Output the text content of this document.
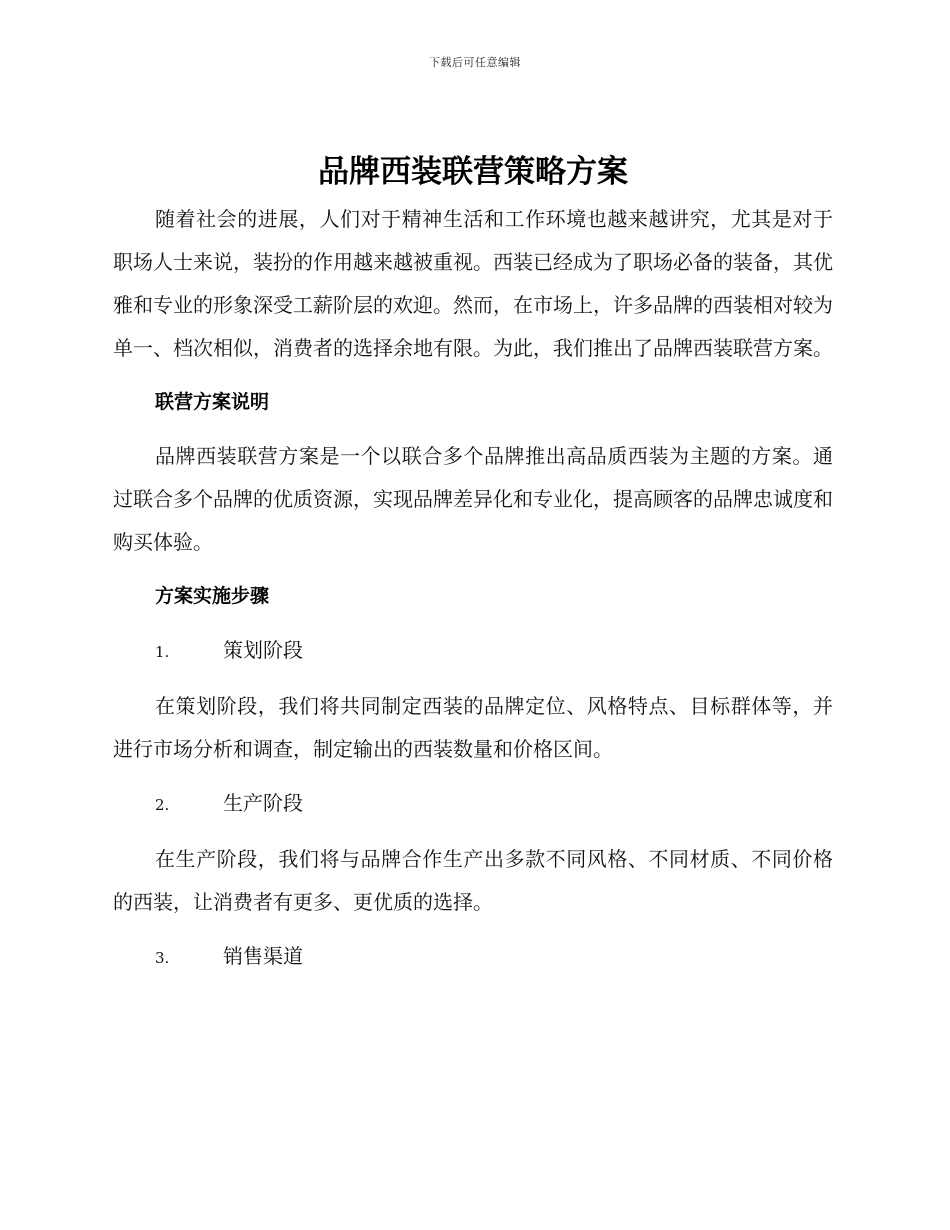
下载后可任意编辑
品牌西装联营策略方案

随着社会的进展，人们对于精神生活和工作环境也越来越讲究，尤其是对于职场人士来说，装扮的作用越来越被重视。西装已经成为了职场必备的装备，其优雅和专业的形象深受工薪阶层的欢迎。然而，在市场上，许多品牌的西装相对较为单一、档次相似，消费者的选择余地有限。为此，我们推出了品牌西装联营方案。

联营方案说明

品牌西装联营方案是一个以联合多个品牌推出高品质西装为主题的方案。通过联合多个品牌的优质资源，实现品牌差异化和专业化，提高顾客的品牌忠诚度和购买体验。

方案实施步骤
1.	策划阶段

在策划阶段，我们将共同制定西装的品牌定位、风格特点、目标群体等，并进行市场分析和调查，制定输出的西装数量和价格区间。

2.	生产阶段

在生产阶段，我们将与品牌合作生产出多款不同风格、不同材质、不同价格的西装，让消费者有更多、更优质的选择。

3.	销售渠道
